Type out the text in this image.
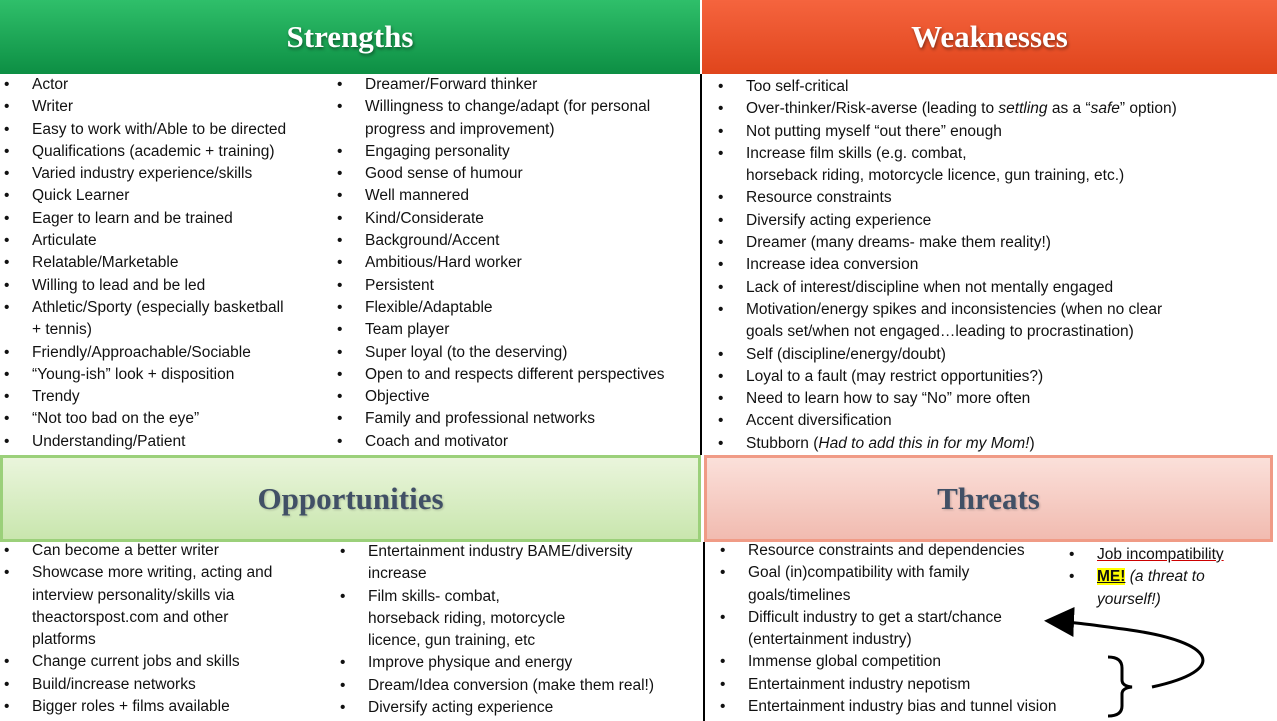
Strengths	Weaknesses
Opportunities	Threats
• Actor
• Writer
• Easy to work with/Able to be directed
• Qualifications (academic + training)
• Varied industry experience/skills
• Quick Learner
• Eager to learn and be trained
• Articulate
• Relatable/Marketable
• Willing to lead and be led
• Athletic/Sporty (especially basketball
+ tennis)
• Friendly/Approachable/Sociable
• “Young-ish” look + disposition
• Trendy
• “Not too bad on the eye”
• Understanding/Patient
• Dreamer/Forward thinker
• Willingness to change/adapt (for personal
progress and improvement)
• Engaging personality
• Good sense of humour
• Well mannered
• Kind/Considerate
• Background/Accent
• Ambitious/Hard worker
• Persistent
• Flexible/Adaptable
• Team player
• Super loyal (to the deserving)
• Open to and respects different perspectives
• Objective
• Family and professional networks
• Coach and motivator
• Too self-critical
• Over-thinker/Risk-averse (leading to settling as a “safe” option)
• Not putting myself “out there” enough
• Increase film skills (e.g. combat,
horseback riding, motorcycle licence, gun training, etc.)
• Resource constraints
• Diversify acting experience
• Dreamer (many dreams- make them reality!)
• Increase idea conversion
• Lack of interest/discipline when not mentally engaged
• Motivation/energy spikes and inconsistencies (when no clear
goals set/when not engaged…leading to procrastination)
• Self (discipline/energy/doubt)
• Loyal to a fault (may restrict opportunities?)
• Need to learn how to say “No” more often
• Accent diversification
• Stubborn (Had to add this in for my Mom!)
• Can become a better writer
• Showcase more writing, acting and
interview personality/skills via
theactorspost.com and other
platforms
• Change current jobs and skills
• Build/increase networks
• Bigger roles + films available
• Entertainment industry BAME/diversity
increase
• Film skills- combat,
horseback riding, motorcycle
licence, gun training, etc
• Improve physique and energy
• Dream/Idea conversion (make them real!)
• Diversify acting experience
• Resource constraints and dependencies
• Goal (in)compatibility with family
goals/timelines
• Difficult industry to get a start/chance
(entertainment industry)
• Immense global competition
• Entertainment industry nepotism
• Entertainment industry bias and tunnel vision
• Job incompatibility
• ME! (a threat to
yourself!)
